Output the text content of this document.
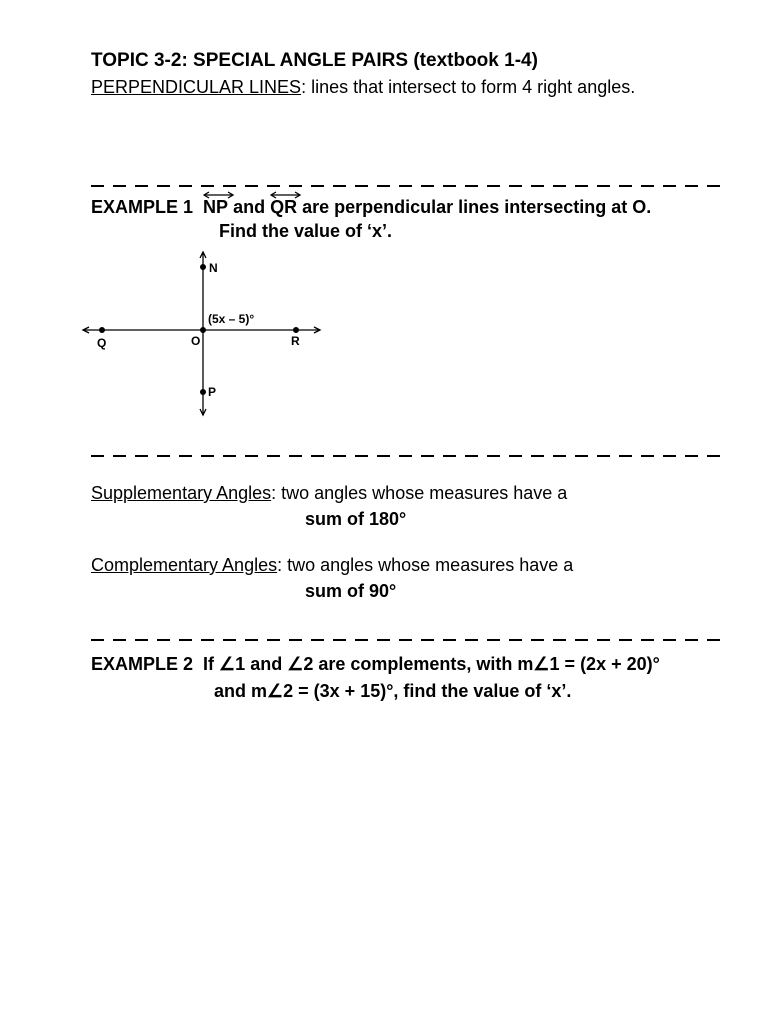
TOPIC 3-2: SPECIAL ANGLE PAIRS (textbook 1-4)
PERPENDICULAR LINES: lines that intersect to form 4 right angles.
EXAMPLE 1 NP and QR are perpendicular lines intersecting at O.
Find the value of ‘x’.
N
O
Q	R
P
(5x – 5)°
Supplementary Angles: two angles whose measures have a
sum of 180°
Complementary Angles: two angles whose measures have a
sum of 90°
EXAMPLE 2 If ∠1 and ∠2 are complements, with m∠1 = (2x + 20)°
and m∠2 = (3x + 15)°, find the value of ‘x’.
